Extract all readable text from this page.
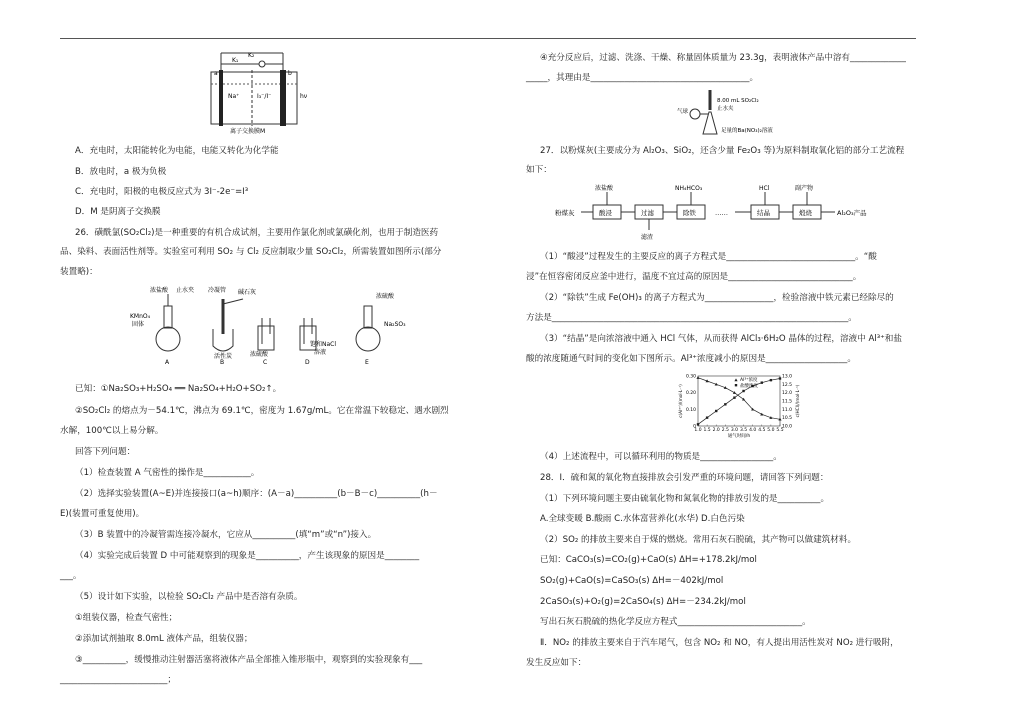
K₂
K₁
a	b
Na⁺	I₃⁻/I⁻	hν
离子交换膜M
A．充电时，太阳能转化为电能，电能又转化为化学能
B．放电时，a 极为负极
C．充电时，阳极的电极反应式为 3I⁻-2e⁻=I³
D．M 是阴离子交换膜
26．磺酰氯(SO₂Cl₂)是一种重要的有机合成试剂，主要用作氯化剂或氯磺化剂，也用于制造医药
品、染料、表面活性剂等。实验室可利用 SO₂ 与 Cl₂ 反应制取少量 SO₂Cl₂，所需装置如图所示(部分
装置略)：
浓盐酸 止水夹
KMnO₄
固体
A
冷凝管 碱石灰
活性炭
B
浓硫酸
C
饱和NaCl
溶液
D
浓硫酸
Na₂SO₃
E
已知：①Na₂SO₃+H₂SO₄ ══ Na₂SO₄+H₂O+SO₂↑。
②SO₂Cl₂ 的熔点为－54.1℃，沸点为 69.1℃，密度为 1.67g/mL。它在常温下较稳定、遇水剧烈
水解，100℃以上易分解。
回答下列问题：
（1）检查装置 A 气密性的操作是___________。
（2）选择实验装置(A~E)并连接接口(a~h)顺序：(A－a)__________(b－B－c)__________(h－
E)(装置可重复使用)。
（3）B 装置中的冷凝管需连接冷凝水，它应从__________(填“m”或“n”)接入。
（4）实验完成后装置 D 中可能观察到的现象是__________，产生该现象的原因是________
___。
（5）设计如下实验，以检验 SO₂Cl₂ 产品中是否溶有杂质。
①组装仪器，检查气密性；
②添加试剂抽取 8.0mL 液体产品，组装仪器；
③__________，缓慢推动注射器活塞将液体产品全部推入锥形瓶中，观察到的实验现象有___
_________________________；
④充分反应后，过滤、洗涤、干燥、称量固体质量为 23.3g，表明液体产品中溶有_____________
_____，其理由是_____________________________________。
8.00 mL SO₂Cl₂
止水夹
气球
足量的Ba(NO₃)₂溶液
27．以粉煤灰(主要成分为 Al₂O₃、SiO₂，还含少量 Fe₂O₃ 等)为原料制取氧化铝的部分工艺流程
如下：
粉煤灰	酸浸	过滤	除铁	……	结晶	煅烧	Al₂O₃产品
浓盐酸	NH₄HCO₃	HCl	副产物
滤渣
（1）“酸浸”过程发生的主要反应的离子方程式是______________________________。“酸
浸”在恒容密闭反应釜中进行，温度不宜过高的原因是_____________________________。
（2）“除铁”生成 Fe(OH)₃ 的离子方程式为________________，检验溶液中铁元素已经除尽的
方法是_____________________________________________________________________。
（3）“结晶”是向浓溶液中通入 HCl 气体，从而获得 AlCl₃·6H₂O 晶体的过程，溶液中 Al³⁺和盐
酸的浓度随通气时间的变化如下图所示。Al³⁺浓度减小的原因是___________________。
1.0 1.5 2.0 2.5 3.0 3.5 4.0 4.5 5.0 5.5
0
0.10
0.20
0.30
10.0
10.5
11.0
11.5
12.0
12.5
13.0
通气时间/h
c(Al³⁺)/(mol·L⁻¹)	c(HCl)/(mol·L⁻¹)
Al³⁺浓度
盐酸浓度
（4）上述流程中，可以循环利用的物质是_________________。
28．Ⅰ．硫和氮的氧化物直接排放会引发严重的环境问题，请回答下列问题：
（1）下列环境问题主要由硫氧化物和氮氧化物的排放引发的是__________。
A.全球变暖 B.酸雨 C.水体富营养化(水华) D.白色污染
（2）SO₂ 的排放主要来自于煤的燃烧。常用石灰石脱硫，其产物可以做建筑材料。
已知：CaCO₃(s)=CO₂(g)+CaO(s) ΔH=+178.2kJ/mol
SO₂(g)+CaO(s)=CaSO₃(s) ΔH=－402kJ/mol
2CaSO₃(s)+O₂(g)=2CaSO₄(s) ΔH=－234.2kJ/mol
写出石灰石脱硫的热化学反应方程式_____________________________。
Ⅱ．NO₂ 的排放主要来自于汽车尾气，包含 NO₂ 和 NO，有人提出用活性炭对 NO₂ 进行吸附，
发生反应如下：
